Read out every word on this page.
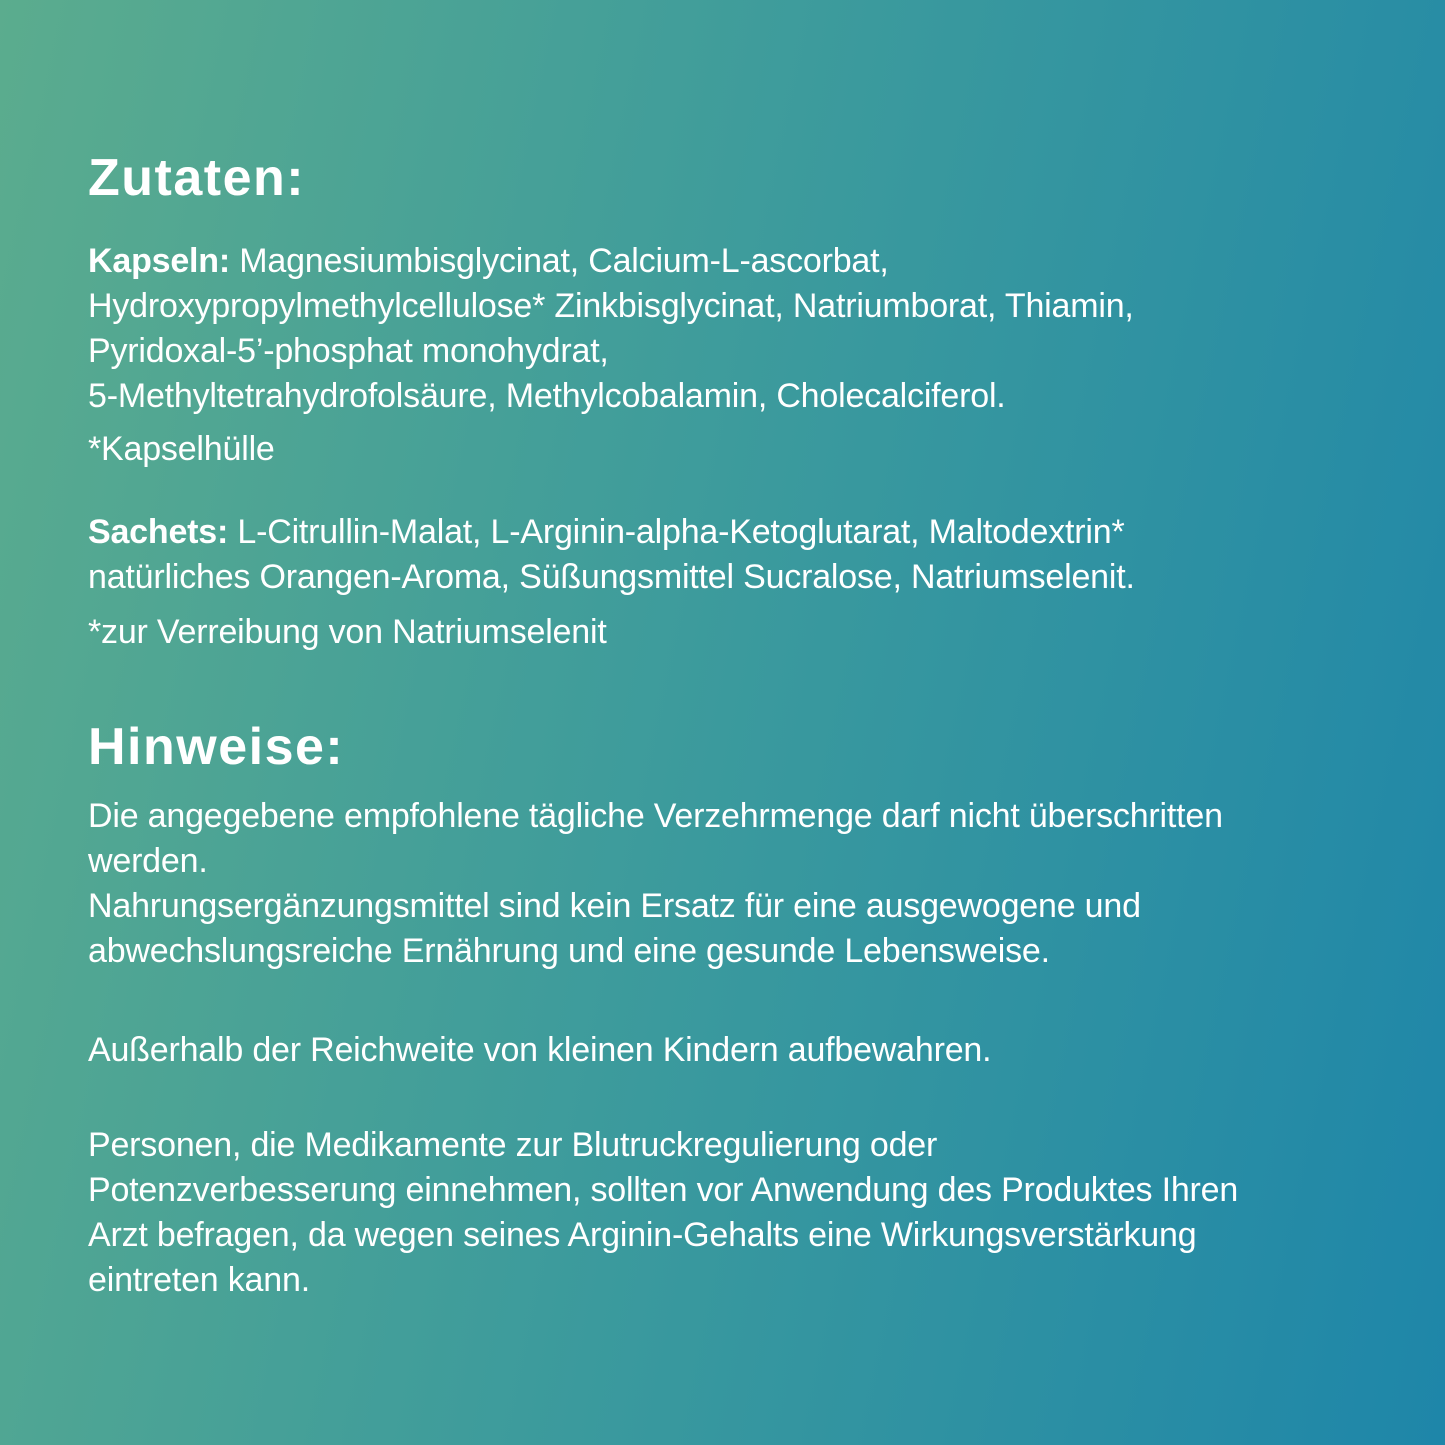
Zutaten:
Kapseln: Magnesiumbisglycinat, Calcium-L-ascorbat,
Hydroxypropylmethylcellulose* Zinkbisglycinat, Natriumborat, Thiamin,
Pyridoxal-5’-phosphat monohydrat,
5-Methyltetrahydrofolsäure, Methylcobalamin, Cholecalciferol.
*Kapselhülle
Sachets: L-Citrullin-Malat, L-Arginin-alpha-Ketoglutarat, Maltodextrin*
natürliches Orangen-Aroma, Süßungsmittel Sucralose, Natriumselenit.
*zur Verreibung von Natriumselenit
Hinweise:
Die angegebene empfohlene tägliche Verzehrmenge darf nicht überschritten
werden.
Nahrungsergänzungsmittel sind kein Ersatz für eine ausgewogene und
abwechslungsreiche Ernährung und eine gesunde Lebensweise.
Außerhalb der Reichweite von kleinen Kindern aufbewahren.
Personen, die Medikamente zur Blutruckregulierung oder
Potenzverbesserung einnehmen, sollten vor Anwendung des Produktes Ihren
Arzt befragen, da wegen seines Arginin-Gehalts eine Wirkungsverstärkung
eintreten kann.
